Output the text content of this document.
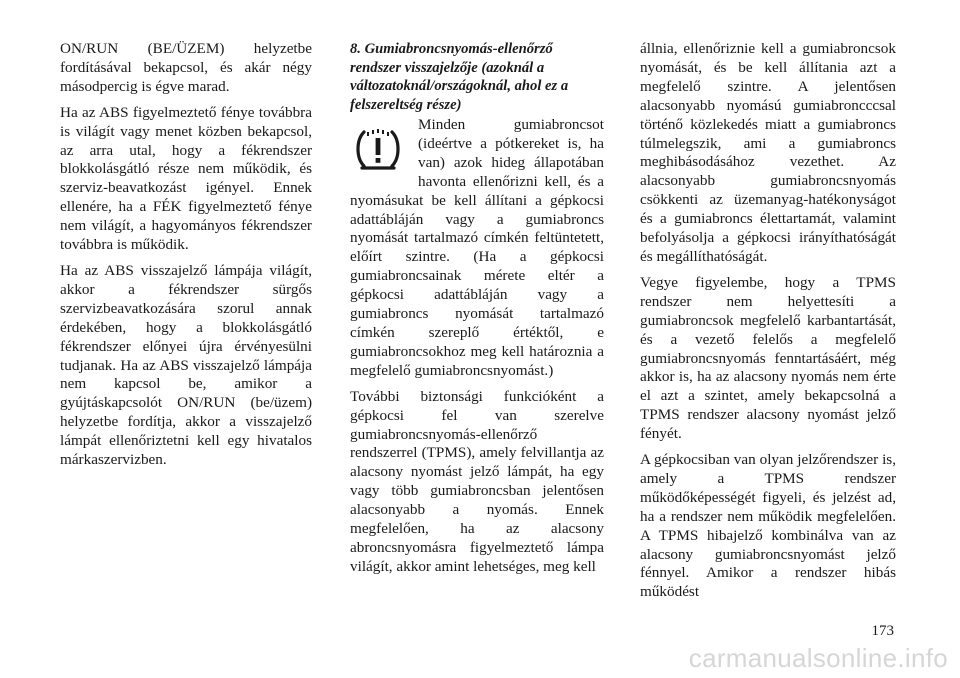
ON/RUN (BE/ÜZEM) helyzetbe fordításával bekapcsol, és akár négy másodpercig is égve marad.

Ha az ABS figyelmeztető fénye továbbra is világít vagy menet közben bekapcsol, az arra utal, hogy a fékrendszer blokkolásgátló része nem működik, és szerviz-beavatkozást igényel. Ennek ellenére, ha a FÉK figyelmeztető fénye nem világít, a hagyományos fékrendszer továbbra is működik.

Ha az ABS visszajelző lámpája világít, akkor a fékrendszer sürgős szervizbeavatkozására szorul annak érdekében, hogy a blokkolásgátló fékrendszer előnyei újra érvényesülni tudjanak. Ha az ABS visszajelző lámpája nem kapcsol be, amikor a gyújtáskapcsolót ON/RUN (be/üzem) helyzetbe fordítja, akkor a visszajelző lámpát ellenőriztetni kell egy hivatalos márkaszervizben.

8. Gumiabroncsnyomás-ellenőrző rendszer visszajelzője (azoknál a változatoknál/országoknál, ahol ez a felszereltség része)

Minden gumiabroncsot (ideértve a pótkereket is, ha van) azok hideg állapotában havonta ellenőrizni kell, és a nyomásukat be kell állítani a gépkocsi adattábláján vagy a gumiabroncs nyomását tartalmazó címkén feltüntetett, előírt szintre. (Ha a gépkocsi gumiabroncsainak mérete eltér a gépkocsi adattábláján vagy a gumiabroncs nyomását tartalmazó címkén szereplő értéktől, e gumiabroncsokhoz meg kell határoznia a megfelelő gumiabroncsnyomást.)

További biztonsági funkcióként a gépkocsi fel van szerelve gumiabroncsnyomás-ellenőrző rendszerrel (TPMS), amely felvillantja az alacsony nyomást jelző lámpát, ha egy vagy több gumiabroncsban jelentősen alacsonyabb a nyomás. Ennek megfelelően, ha az alacsony abroncsnyomásra figyelmeztető lámpa világít, akkor amint lehetséges, meg kell

állnia, ellenőriznie kell a gumiabroncsok nyomását, és be kell állítania azt a megfelelő szintre. A jelentősen alacsonyabb nyomású gumiabroncccsal történő közlekedés miatt a gumiabroncs túlmelegszik, ami a gumiabroncs meghibásodásához vezethet. Az alacsonyabb gumiabroncsnyomás csökkenti az üzemanyag-hatékonyságot és a gumiabroncs élettartamát, valamint befolyásolja a gépkocsi irányíthatóságát és megállíthatóságát.

Vegye figyelembe, hogy a TPMS rendszer nem helyettesíti a gumiabroncsok megfelelő karbantartását, és a vezető felelős a megfelelő gumiabroncsnyomás fenntartásáért, még akkor is, ha az alacsony nyomás nem érte el azt a szintet, amely bekapcsolná a TPMS rendszer alacsony nyomást jelző fényét.

A gépkocsiban van olyan jelzőrendszer is, amely a TPMS rendszer működőképességét figyeli, és jelzést ad, ha a rendszer nem működik megfelelően. A TPMS hibajelző kombinálva van az alacsony gumiabroncsnyomást jelző fénnyel. Amikor a rendszer hibás működést

173
carmanualsonline.info
